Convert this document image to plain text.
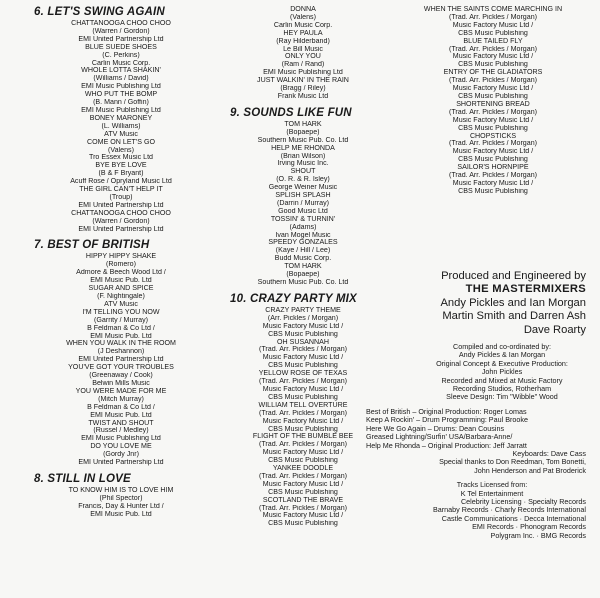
6. LET'S SWING AGAIN
CHATTANOOGA CHOO CHOO
(Warren / Gordon)
EMI United Partnership Ltd
BLUE SUEDE SHOES
(C. Perkins)
Carlin Music Corp.
WHOLE LOTTA SHAKIN'
(Williams / David)
EMI Music Publishing Ltd
WHO PUT THE BOMP
(B. Mann / Goffin)
EMI Music Publishing Ltd
BONEY MARONEY
(L. Williams)
ATV Music
COME ON LET'S GO
(Valens)
Tro Essex Music Ltd
BYE BYE LOVE
(B & F Bryant)
Acuff Rose / Opryland Music Ltd
THE GIRL CAN'T HELP IT
(Troup)
EMI United Partnership Ltd
CHATTANOOGA CHOO CHOO
(Warren / Gordon)
EMI United Partnership Ltd
7. BEST OF BRITISH
HIPPY HIPPY SHAKE
(Romero)
Admore & Beech Wood Ltd /
EMI Music Pub. Ltd
SUGAR AND SPICE
(F. Nightingale)
ATV Music
I'M TELLING YOU NOW
(Garrity / Murray)
B Feldman & Co Ltd /
EMI Music Pub. Ltd
WHEN YOU WALK IN THE ROOM
(J Deshannon)
EMI United Partnership Ltd
YOU'VE GOT YOUR TROUBLES
(Greenaway / Cook)
Belwin Mills Music
YOU WERE MADE FOR ME
(Mitch Murray)
B Feldman & Co Ltd /
EMI Music Pub. Ltd
TWIST AND SHOUT
(Russel / Medley)
EMI Music Publishing Ltd
DO YOU LOVE ME
(Gordy Jnr)
EMI United Partnership Ltd
8. STILL IN LOVE
TO KNOW HIM IS TO LOVE HIM
(Phil Spector)
Francis, Day & Hunter Ltd /
EMI Music Pub. Ltd
DONNA
(Valens)
Carlin Music Corp.
HEY PAULA
(Ray Hilderband)
Le Bill Music
ONLY YOU
(Ram / Rand)
EMI Music Publishing Ltd
JUST WALKIN' IN THE RAIN
(Bragg / Riley)
Frank Music Ltd
9. SOUNDS LIKE FUN
TOM HARK
(Bopaepe)
Southern Music Pub. Co. Ltd
HELP ME RHONDA
(Brian Wilson)
Irving Music Inc.
SHOUT
(O. R. & R. Isley)
George Weiner Music
SPLISH SPLASH
(Darrin / Murray)
Good Music Ltd
TOSSIN' & TURNIN'
(Adams)
Ivan Mogel Music
SPEEDY GONZALES
(Kaye / Hill / Lee)
Budd Music Corp.
TOM HARK
(Bopaepe)
Southern Music Pub. Co. Ltd
10. CRAZY PARTY MIX
CRAZY PARTY THEME
(Arr. Pickles / Morgan)
Music Factory Music Ltd /
CBS Music Publishing
OH SUSANNAH
(Trad. Arr. Pickles / Morgan)
Music Factory Music Ltd /
CBS Music Publishing
YELLOW ROSE OF TEXAS
(Trad. Arr. Pickles / Morgan)
Music Factory Music Ltd /
CBS Music Publishing
WILLIAM TELL OVERTURE
(Trad. Arr. Pickles / Morgan)
Music Factory Music Ltd /
CBS Music Publishing
FLIGHT OF THE BUMBLE BEE
(Trad. Arr. Pickles / Morgan)
Music Factory Music Ltd /
CBS Music Publishing
YANKEE DOODLE
(Trad. Arr. Pickles / Morgan)
Music Factory Music Ltd /
CBS Music Publishing
SCOTLAND THE BRAVE
(Trad. Arr. Pickles / Morgan)
Music Factory Music Ltd /
CBS Music Publishing
WHEN THE SAINTS COME MARCHING IN
(Trad. Arr. Pickles / Morgan)
Music Factory Music Ltd /
CBS Music Publishing
BLUE TAILED FLY
(Trad. Arr. Pickles / Morgan)
Music Factory Music Ltd /
CBS Music Publishing
ENTRY OF THE GLADIATORS
(Trad. Arr. Pickles / Morgan)
Music Factory Music Ltd /
CBS Music Publishing
SHORTENING BREAD
(Trad. Arr. Pickles / Morgan)
Music Factory Music Ltd /
CBS Music Publishing
CHOPSTICKS
(Trad. Arr. Pickles / Morgan)
Music Factory Music Ltd /
CBS Music Publishing
SAILOR'S HORNPIPE
(Trad. Arr. Pickles / Morgan)
Music Factory Music Ltd /
CBS Music Publishing
Produced and Engineered by
THE MASTERMIXERS
Andy Pickles and Ian Morgan
Martin Smith and Darren Ash
Dave Roarty
Compiled and co-ordinated by:
Andy Pickles & Ian Morgan
Original Concept & Executive Production:
John Pickles
Recorded and Mixed at Music Factory
Recording Studios, Rotherham
Sleeve Design: Tim "Wibble" Wood
Best of British – Original Production: Roger Lomas
Keep A Rockin' – Drum Programming: Paul Brooke
Here We Go Again – Drums: Dean Cousins
Greased Lightning/Surfin' USA/Barbara-Anne/
Help Me Rhonda – Original Production: Jeff Jarratt
Keyboards: Dave Cass
Special thanks to Don Reedman, Tom Bonetti,
John Henderson and Pat Broderick
Tracks Licensed from:
K Tel Entertainment
Celebrity Licensing · Specialty Records
Barnaby Records · Charly Records International
Castle Communications · Decca International
EMI Records · Phonogram Records
Polygram Inc. · BMG Records
